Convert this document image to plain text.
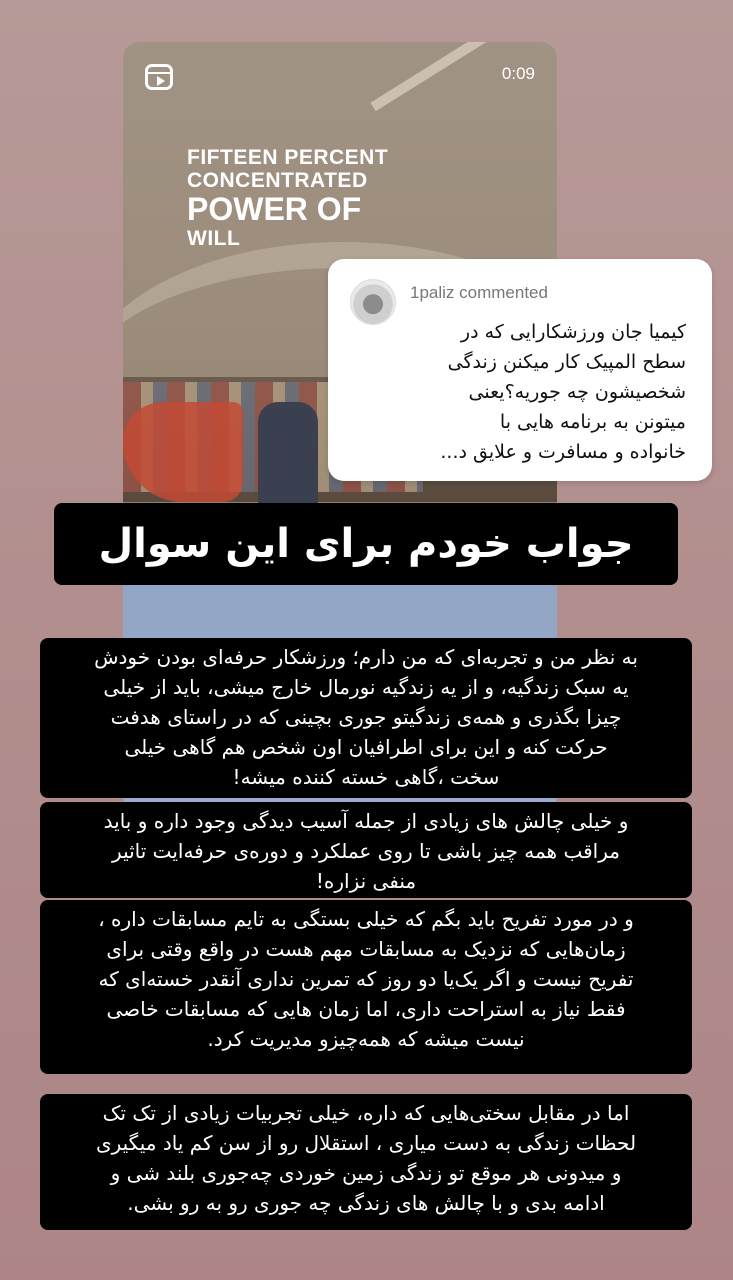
0:09
FIFTEEN PERCENT
CONCENTRATED
POWER OF
WILL
1paliz commented
کیمیا جان ورزشکارایی که در
سطح المپیک کار میکنن زندگی
شخصیشون چه جوریه؟یعنی
میتونن به برنامه هایی با
خانواده و مسافرت و علایق د...
جواب خودم برای این سوال
به نظر من و تجربه‌ای که من دارم؛ ورزشکار حرفه‌ای بودن خودش
یه سبک زندگیه، و از یه زندگیه نورمال خارج میشی، باید از خیلی
چیزا بگذری و همه‌ی زندگیتو جوری بچینی که در راستای هدفت
حرکت کنه و این برای اطرافیان اون شخص هم گاهی خیلی
سخت ،گاهی خسته کننده میشه!
و خیلی چالش های زیادی از جمله آسیب دیدگی وجود داره و باید
مراقب همه چیز باشی تا روی عملکرد و دوره‌ی حرفه‌ایت تاثیر
منفی نزاره!
و در مورد تفریح باید بگم که خیلی بستگی به تایم مسابقات داره ،
زمان‌هایی که نزدیک به مسابقات مهم هست در واقع وقتی برای
تفریح نیست و اگر یک‌یا دو روز که تمرین نداری آنقدر خسته‌ای که
فقط نیاز به استراحت داری، اما زمان هایی که مسابقات خاصی
نیست میشه که همه‌چیزو مدیریت کرد.
اما در مقابل سختی‌هایی که داره، خیلی تجربیات زیادی از تک تک
لحظات زندگی به دست میاری ، استقلال رو از سن کم یاد میگیری
و میدونی هر موقع تو زندگی زمین خوردی چه‌جوری بلند شی و
ادامه بدی و با چالش های زندگی چه جوری رو به رو بشی.
